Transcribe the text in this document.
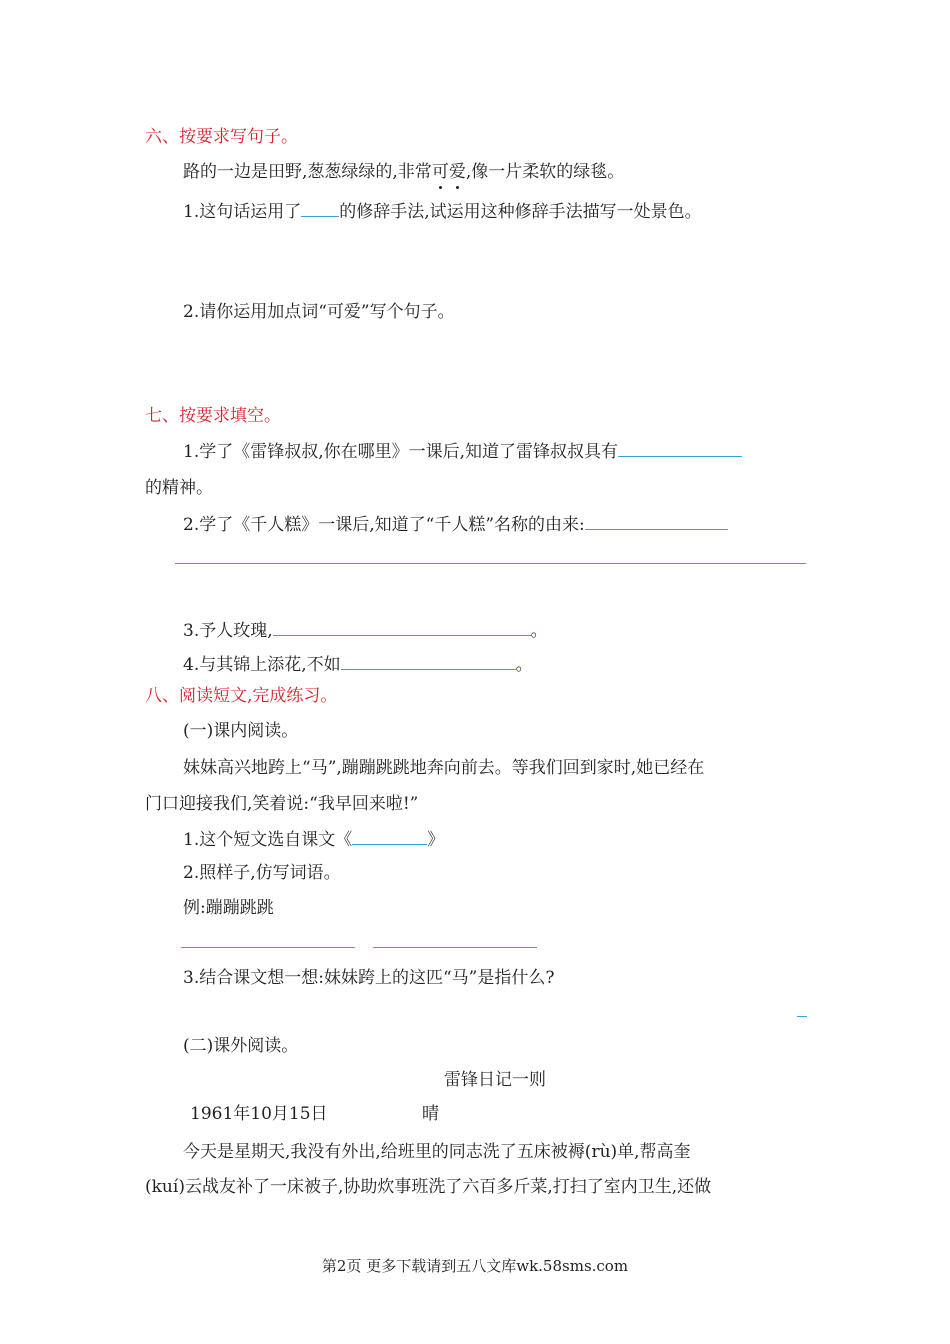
六、按要求写句子。
路的一边是田野,葱葱绿绿的,非常可爱,像一片柔软的绿毯。
1.这句话运用了 的修辞手法,试运用这种修辞手法描写一处景色。
2.请你运用加点词“可爱”写个句子。
七、按要求填空。
1.学了《雷锋叔叔,你在哪里》一课后,知道了雷锋叔叔具有
的精神。
2.学了《千人糕》一课后,知道了“千人糕”名称的由来:
3.予人玫瑰,	。
4.与其锦上添花,不如	。
八、阅读短文,完成练习。
(一)课内阅读。
妹妹高兴地跨上“马”,蹦蹦跳跳地奔向前去。等我们回到家时,她已经在
门口迎接我们,笑着说:“我早回来啦!”
1.这个短文选自课文《	》
2.照样子,仿写词语。
例:蹦蹦跳跳
3.结合课文想一想:妹妹跨上的这匹“马”是指什么?
(二)课外阅读。
雷锋日记一则
1961年10月15日	晴
今天是星期天,我没有外出,给班里的同志洗了五床被褥(rù)单,帮高奎
(kuí)云战友补了一床被子,协助炊事班洗了六百多斤菜,打扫了室内卫生,还做
第2页 更多下载请到五八文库wk.58sms.com
